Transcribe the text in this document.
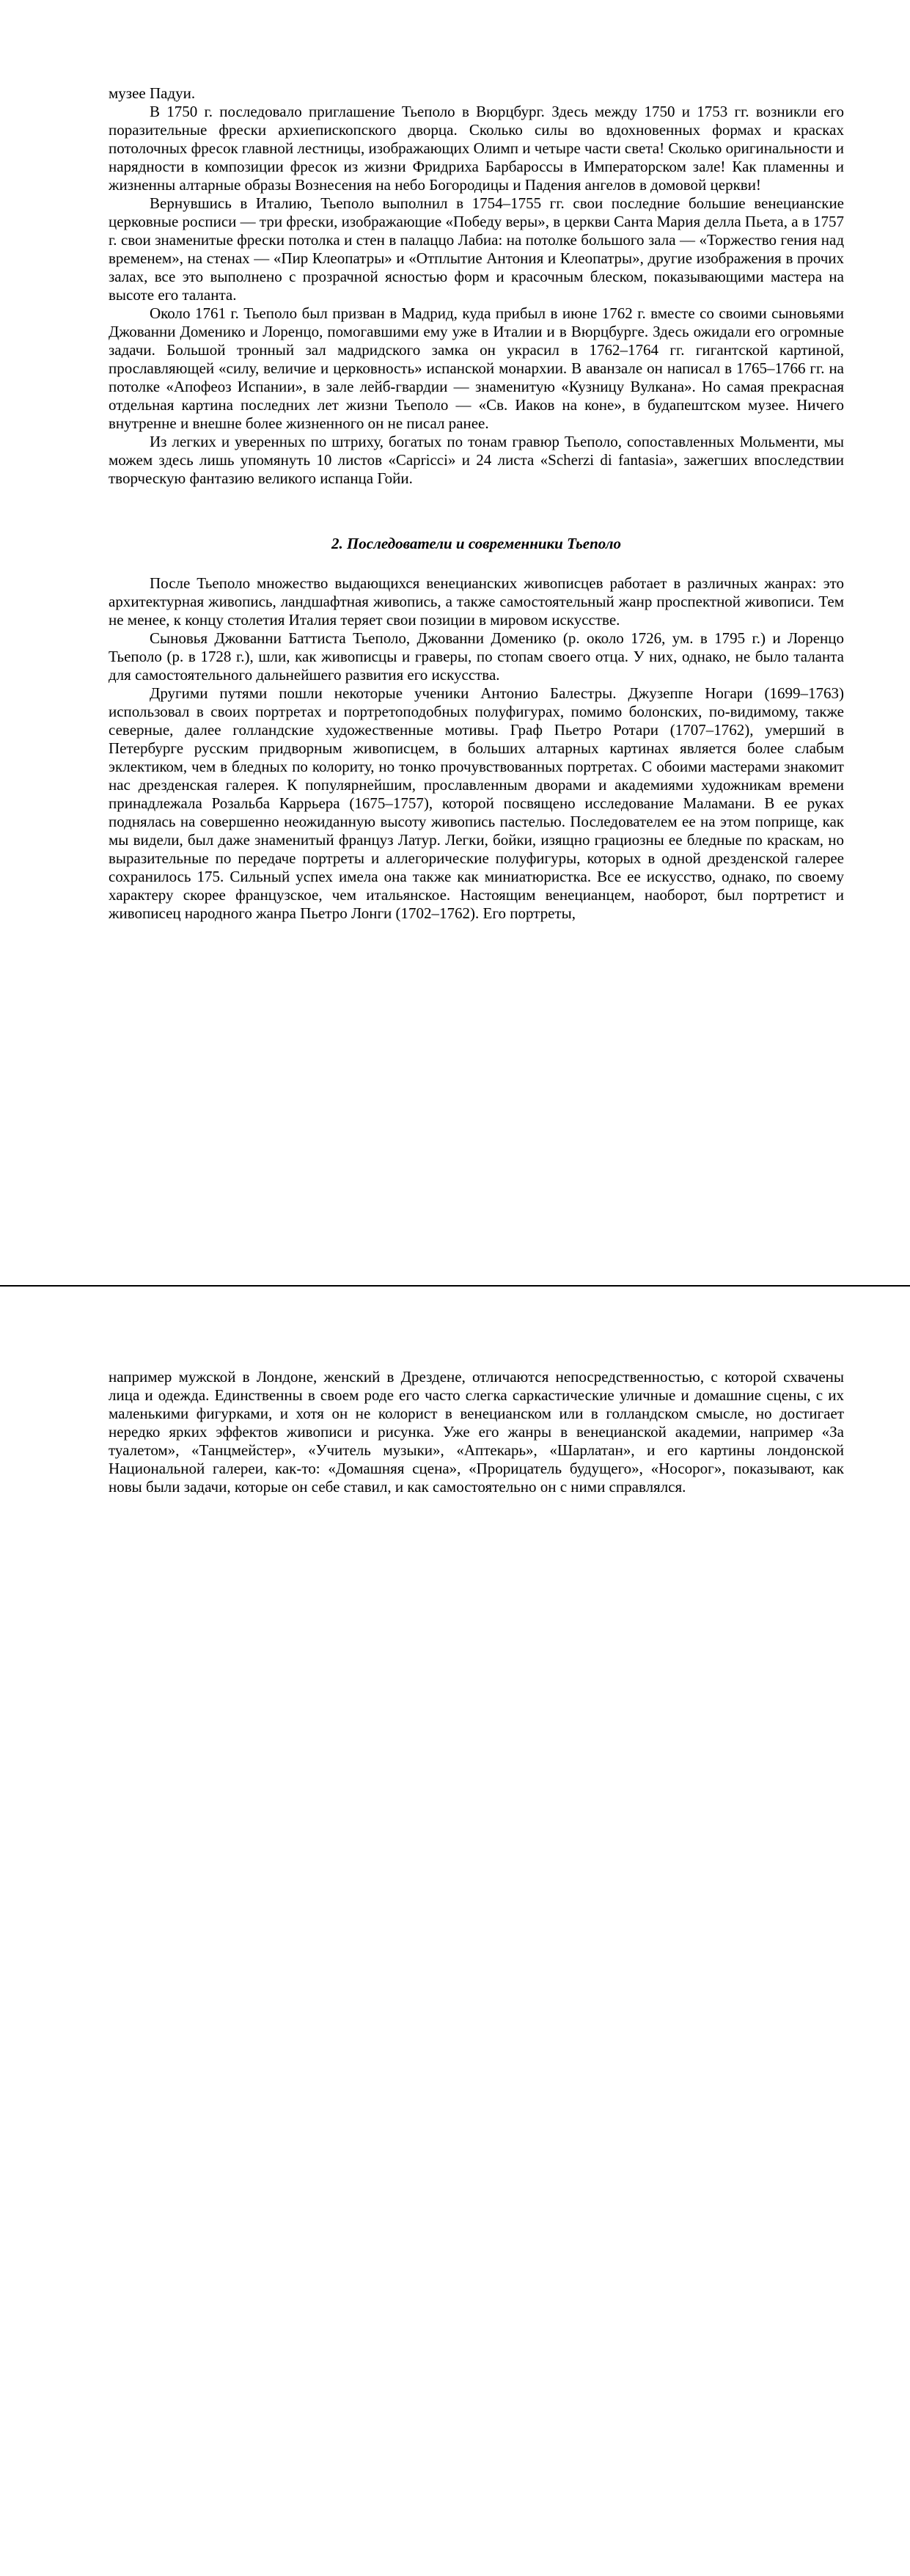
музее Падуи.

В 1750 г. последовало приглашение Тьеполо в Вюрцбург. Здесь между 1750 и 1753 гг. возникли его поразительные фрески архиепископского дворца. Сколько силы во вдохновенных формах и красках потолочных фресок главной лестницы, изображающих Олимп и четыре части света! Сколько оригинальности и нарядности в композиции фресок из жизни Фридриха Барбароссы в Императорском зале! Как пламенны и жизненны алтарные образы Вознесения на небо Богородицы и Падения ангелов в домовой церкви!

Вернувшись в Италию, Тьеполо выполнил в 1754–1755 гг. свои последние большие венецианские церковные росписи — три фрески, изображающие «Победу веры», в церкви Санта Мария делла Пьета, а в 1757 г. свои знаменитые фрески потолка и стен в палаццо Лабиа: на потолке большого зала — «Торжество гения над временем», на стенах — «Пир Клеопатры» и «Отплытие Антония и Клеопатры», другие изображения в прочих залах, все это выполнено с прозрачной ясностью форм и красочным блеском, показывающими мастера на высоте его таланта.

Около 1761 г. Тьеполо был призван в Мадрид, куда прибыл в июне 1762 г. вместе со своими сыновьями Джованни Доменико и Лоренцо, помогавшими ему уже в Италии и в Вюрцбурге. Здесь ожидали его огромные задачи. Большой тронный зал мадридского замка он украсил в 1762–1764 гг. гигантской картиной, прославляющей «силу, величие и церковность» испанской монархии. В аванзале он написал в 1765–1766 гг. на потолке «Апофеоз Испании», в зале лейб-гвардии — знаменитую «Кузницу Вулкана». Но самая прекрасная отдельная картина последних лет жизни Тьеполо — «Св. Иаков на коне», в будапештском музее. Ничего внутренне и внешне более жизненного он не писал ранее.

Из легких и уверенных по штриху, богатых по тонам гравюр Тьеполо, сопоставленных Мольменти, мы можем здесь лишь упомянуть 10 листов «Capricci» и 24 листа «Scherzi di fantasia», зажегших впоследствии творческую фантазию великого испанца Гойи.

2. Последователи и современники Тьеполо

После Тьеполо множество выдающихся венецианских живописцев работает в различных жанрах: это архитектурная живопись, ландшафтная живопись, а также самостоятельный жанр проспектной живописи. Тем не менее, к концу столетия Италия теряет свои позиции в мировом искусстве.

Сыновья Джованни Баттиста Тьеполо, Джованни Доменико (р. около 1726, ум. в 1795 г.) и Лоренцо Тьеполо (р. в 1728 г.), шли, как живописцы и граверы, по стопам своего отца. У них, однако, не было таланта для самостоятельного дальнейшего развития его искусства.

Другими путями пошли некоторые ученики Антонио Балестры. Джузеппе Ногари (1699–1763) использовал в своих портретах и портретоподобных полуфигурах, помимо болонских, по-видимому, также северные, далее голландские художественные мотивы. Граф Пьетро Ротари (1707–1762), умерший в Петербурге русским придворным живописцем, в больших алтарных картинах является более слабым эклектиком, чем в бледных по колориту, но тонко прочувствованных портретах. С обоими мастерами знакомит нас дрезденская галерея. К популярнейшим, прославленным дворами и академиями художникам времени принадлежала Розальба Каррьера (1675–1757), которой посвящено исследование Маламани. В ее руках поднялась на совершенно неожиданную высоту живопись пастелью. Последователем ее на этом поприще, как мы видели, был даже знаменитый француз Латур. Легки, бойки, изящно грациозны ее бледные по краскам, но выразительные по передаче портреты и аллегорические полуфигуры, которых в одной дрезденской галерее сохранилось 175. Сильный успех имела она также как миниатюристка. Все ее искусство, однако, по своему характеру скорее французское, чем итальянское. Настоящим венецианцем, наоборот, был портретист и живописец народного жанра Пьетро Лонги (1702–1762). Его портреты,

например мужской в Лондоне, женский в Дрездене, отличаются непосредственностью, с которой схвачены лица и одежда. Единственны в своем роде его часто слегка саркастические уличные и домашние сцены, с их маленькими фигурками, и хотя он не колорист в венецианском или в голландском смысле, но достигает нередко ярких эффектов живописи и рисунка. Уже его жанры в венецианской академии, например «За туалетом», «Танцмейстер», «Учитель музыки», «Аптекарь», «Шарлатан», и его картины лондонской Национальной галереи, как-то: «Домашняя сцена», «Прорицатель будущего», «Носорог», показывают, как новы были задачи, которые он себе ставил, и как самостоятельно он с ними справлялся.
